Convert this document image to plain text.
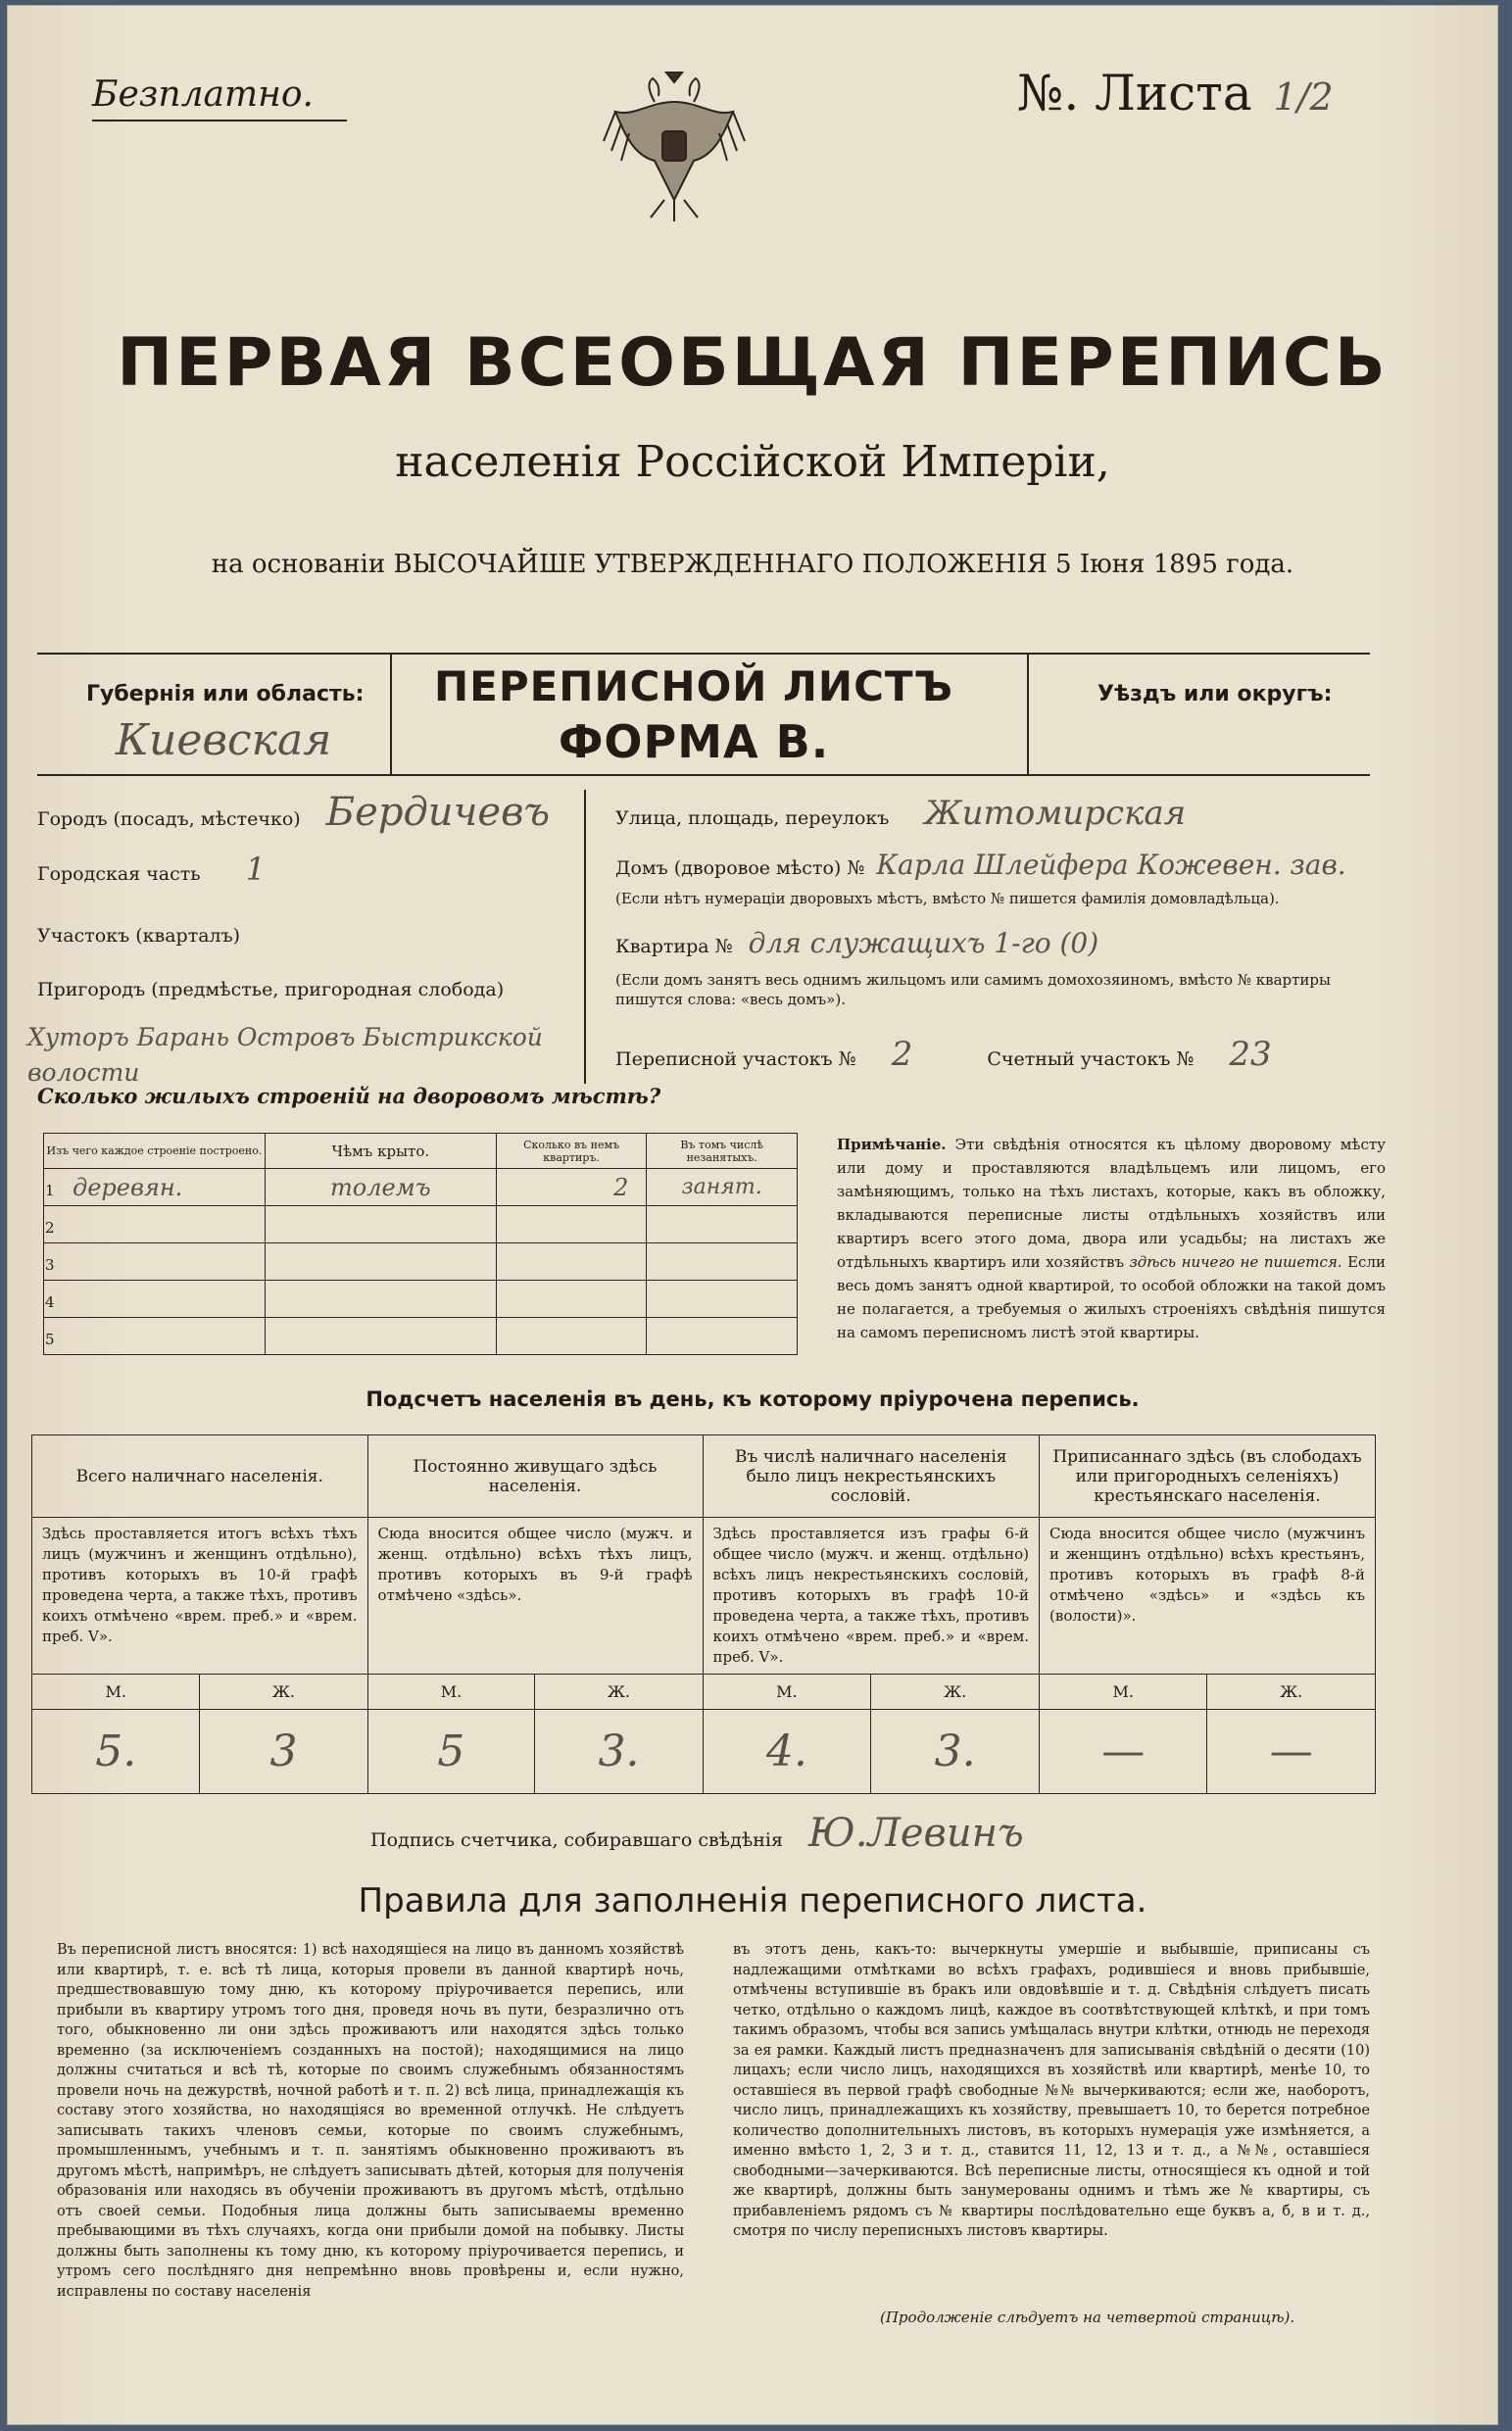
Безплатно.	№. Листа 1/2
ПЕРВАЯ ВСЕОБЩАЯ ПЕРЕПИСЬ
населенія Россійской Имперіи,
на основаніи ВЫСОЧАЙШЕ УТВЕРЖДЕННАГО ПОЛОЖЕНІЯ 5 Іюня 1895 года.
Губернія или область:
Киевская
ПЕРЕПИСНОЙ ЛИСТЪ
ФОРМА В.
Уѣздъ или округъ:
Городъ (посадъ, мѣстечко) Бердичевъ
Городская часть 1
Участокъ (кварталъ)
Пригородъ (предмѣстье, пригородная слобода)
Хуторъ Барань Островъ Быстрикской волости
Улица, площадь, переулокъ Житомирская
Домъ (дворовое мѣсто) № Карла Шлейфера Кожевен. зав.
(Если нѣтъ нумераціи дворовыхъ мѣстъ, вмѣсто № пишется фамилія домовладѣльца).
Квартира № для служащихъ 1-го (0)
(Если домъ занятъ весь однимъ жильцомъ или самимъ домохозяиномъ, вмѣсто № квартиры пишутся слова: «весь домъ»).
Переписной участокъ № 2	Счетный участокъ № 23
Сколько жилыхъ строеній на дворовомъ мѣстѣ?
Изъ чего каждое строеніе построено.	Чѣмъ крыто.	Сколько въ немъ квартиръ.	Въ томъ числѣ незанятыхъ.
1 деревян.	толемъ	2	занят.
2			
3			
4			
5			
Примѣчаніе. Эти свѣдѣнія относятся къ цѣлому дворовому мѣсту или дому и проставляются владѣльцемъ или лицомъ, его замѣняющимъ, только на тѣхъ листахъ, которые, какъ въ обложку, вкладываются переписные листы отдѣльныхъ хозяйствъ или квартиръ всего этого дома, двора или усадьбы; на листахъ же отдѣльныхъ квартиръ или хозяйствъ здѣсь ничего не пишется. Если весь домъ занятъ одной квартирой, то особой обложки на такой домъ не полагается, а требуемыя о жилыхъ строеніяхъ свѣдѣнія пишутся на самомъ переписномъ листѣ этой квартиры.
Подсчетъ населенія въ день, къ которому пріурочена перепись.
Всего наличнаго населенія.		Постоянно живущаго здѣсь населенія.		Въ числѣ наличнаго населенія было лицъ некрестьянскихъ сословій.		Приписаннаго здѣсь (въ слободахъ или пригородныхъ селеніяхъ) крестьянскаго населенія.	
Здѣсь проставляется итогъ всѣхъ тѣхъ лицъ (мужчинъ и женщинъ отдѣльно), противъ которыхъ въ 10-й графѣ проведена черта, а также тѣхъ, противъ коихъ отмѣчено «врем. преб.» и «врем. преб. V».		Сюда вносится общее число (мужч. и женщ. отдѣльно) всѣхъ тѣхъ лицъ, противъ которыхъ въ 9-й графѣ отмѣчено «здѣсь».		Здѣсь проставляется изъ графы 6-й общее число (мужч. и женщ. отдѣльно) всѣхъ лицъ некрестьянскихъ сословій, противъ которыхъ въ графѣ 10-й проведена черта, а также тѣхъ, противъ коихъ отмѣчено «врем. преб.» и «врем. преб. V».		Сюда вносится общее число (мужчинъ и женщинъ отдѣльно) всѣхъ крестьянъ, противъ которыхъ въ графѣ 8-й отмѣчено «здѣсь» и «здѣсь къ (волости)».	
М.	Ж.	М.	Ж.	М.	Ж.	М.	Ж.
5.	3	5	3.	4.	3.	—	—
Подпись счетчика, собиравшаго свѣдѣнія Ю.Левинъ
Правила для заполненія переписного листа.
Въ переписной листъ вносятся: 1) всѣ находящіеся на лицо въ данномъ хозяйствѣ или квартирѣ, т. е. всѣ тѣ лица, которыя провели въ данной квартирѣ ночь, предшествовавшую тому дню, къ которому пріурочивается перепись, или прибыли въ квартиру утромъ того дня, проведя ночь въ пути, безразлично отъ того, обыкновенно ли они здѣсь проживаютъ или находятся здѣсь только временно (за исключеніемъ созданныхъ на постой); находящимися на лицо должны считаться и всѣ тѣ, которые по своимъ служебнымъ обязанностямъ провели ночь на дежурствѣ, ночной работѣ и т. п. 2) всѣ лица, принадлежащія къ составу этого хозяйства, но находящіяся во временной отлучкѣ. Не слѣдуетъ записывать такихъ членовъ семьи, которые по своимъ служебнымъ, промышленнымъ, учебнымъ и т. п. занятіямъ обыкновенно проживаютъ въ другомъ мѣстѣ, напримѣръ, не слѣдуетъ записывать дѣтей, которыя для полученія образованія или находясь въ обученіи проживаютъ въ другомъ мѣстѣ, отдѣльно отъ своей семьи. Подобныя лица должны быть записываемы временно пребывающими въ тѣхъ случаяхъ, когда они прибыли домой на побывку. Листы должны быть заполнены къ тому дню, къ которому пріурочивается перепись, и утромъ сего послѣдняго дня непремѣнно вновь провѣрены и, если нужно, исправлены по составу населенія
въ этотъ день, какъ-то: вычеркнуты умершіе и выбывшіе, приписаны съ надлежащими отмѣтками во всѣхъ графахъ, родившіеся и вновь прибывшіе, отмѣчены вступившіе въ бракъ или овдовѣвшіе и т. д. Свѣдѣнія слѣдуетъ писать четко, отдѣльно о каждомъ лицѣ, каждое въ соотвѣтствующей клѣткѣ, и при томъ такимъ образомъ, чтобы вся запись умѣщалась внутри клѣтки, отнюдь не переходя за ея рамки. Каждый листъ предназначенъ для записыванія свѣдѣній о десяти (10) лицахъ; если число лицъ, находящихся въ хозяйствѣ или квартирѣ, менѣе 10, то оставшіеся въ первой графѣ свободные №№ вычеркиваются; если же, наоборотъ, число лицъ, принадлежащихъ къ хозяйству, превышаетъ 10, то берется потребное количество дополнительныхъ листовъ, въ которыхъ нумерація уже измѣняется, а именно вмѣсто 1, 2, 3 и т. д., ставится 11, 12, 13 и т. д., а №№, оставшіеся свободными—зачеркиваются. Всѣ переписные листы, относящіеся къ одной и той же квартирѣ, должны быть занумерованы однимъ и тѣмъ же № квартиры, съ прибавленіемъ рядомъ съ № квартиры послѣдовательно еще буквъ а, б, в и т. д., смотря по числу переписныхъ листовъ квартиры.
(Продолженіе слѣдуетъ на четвертой страницѣ).
